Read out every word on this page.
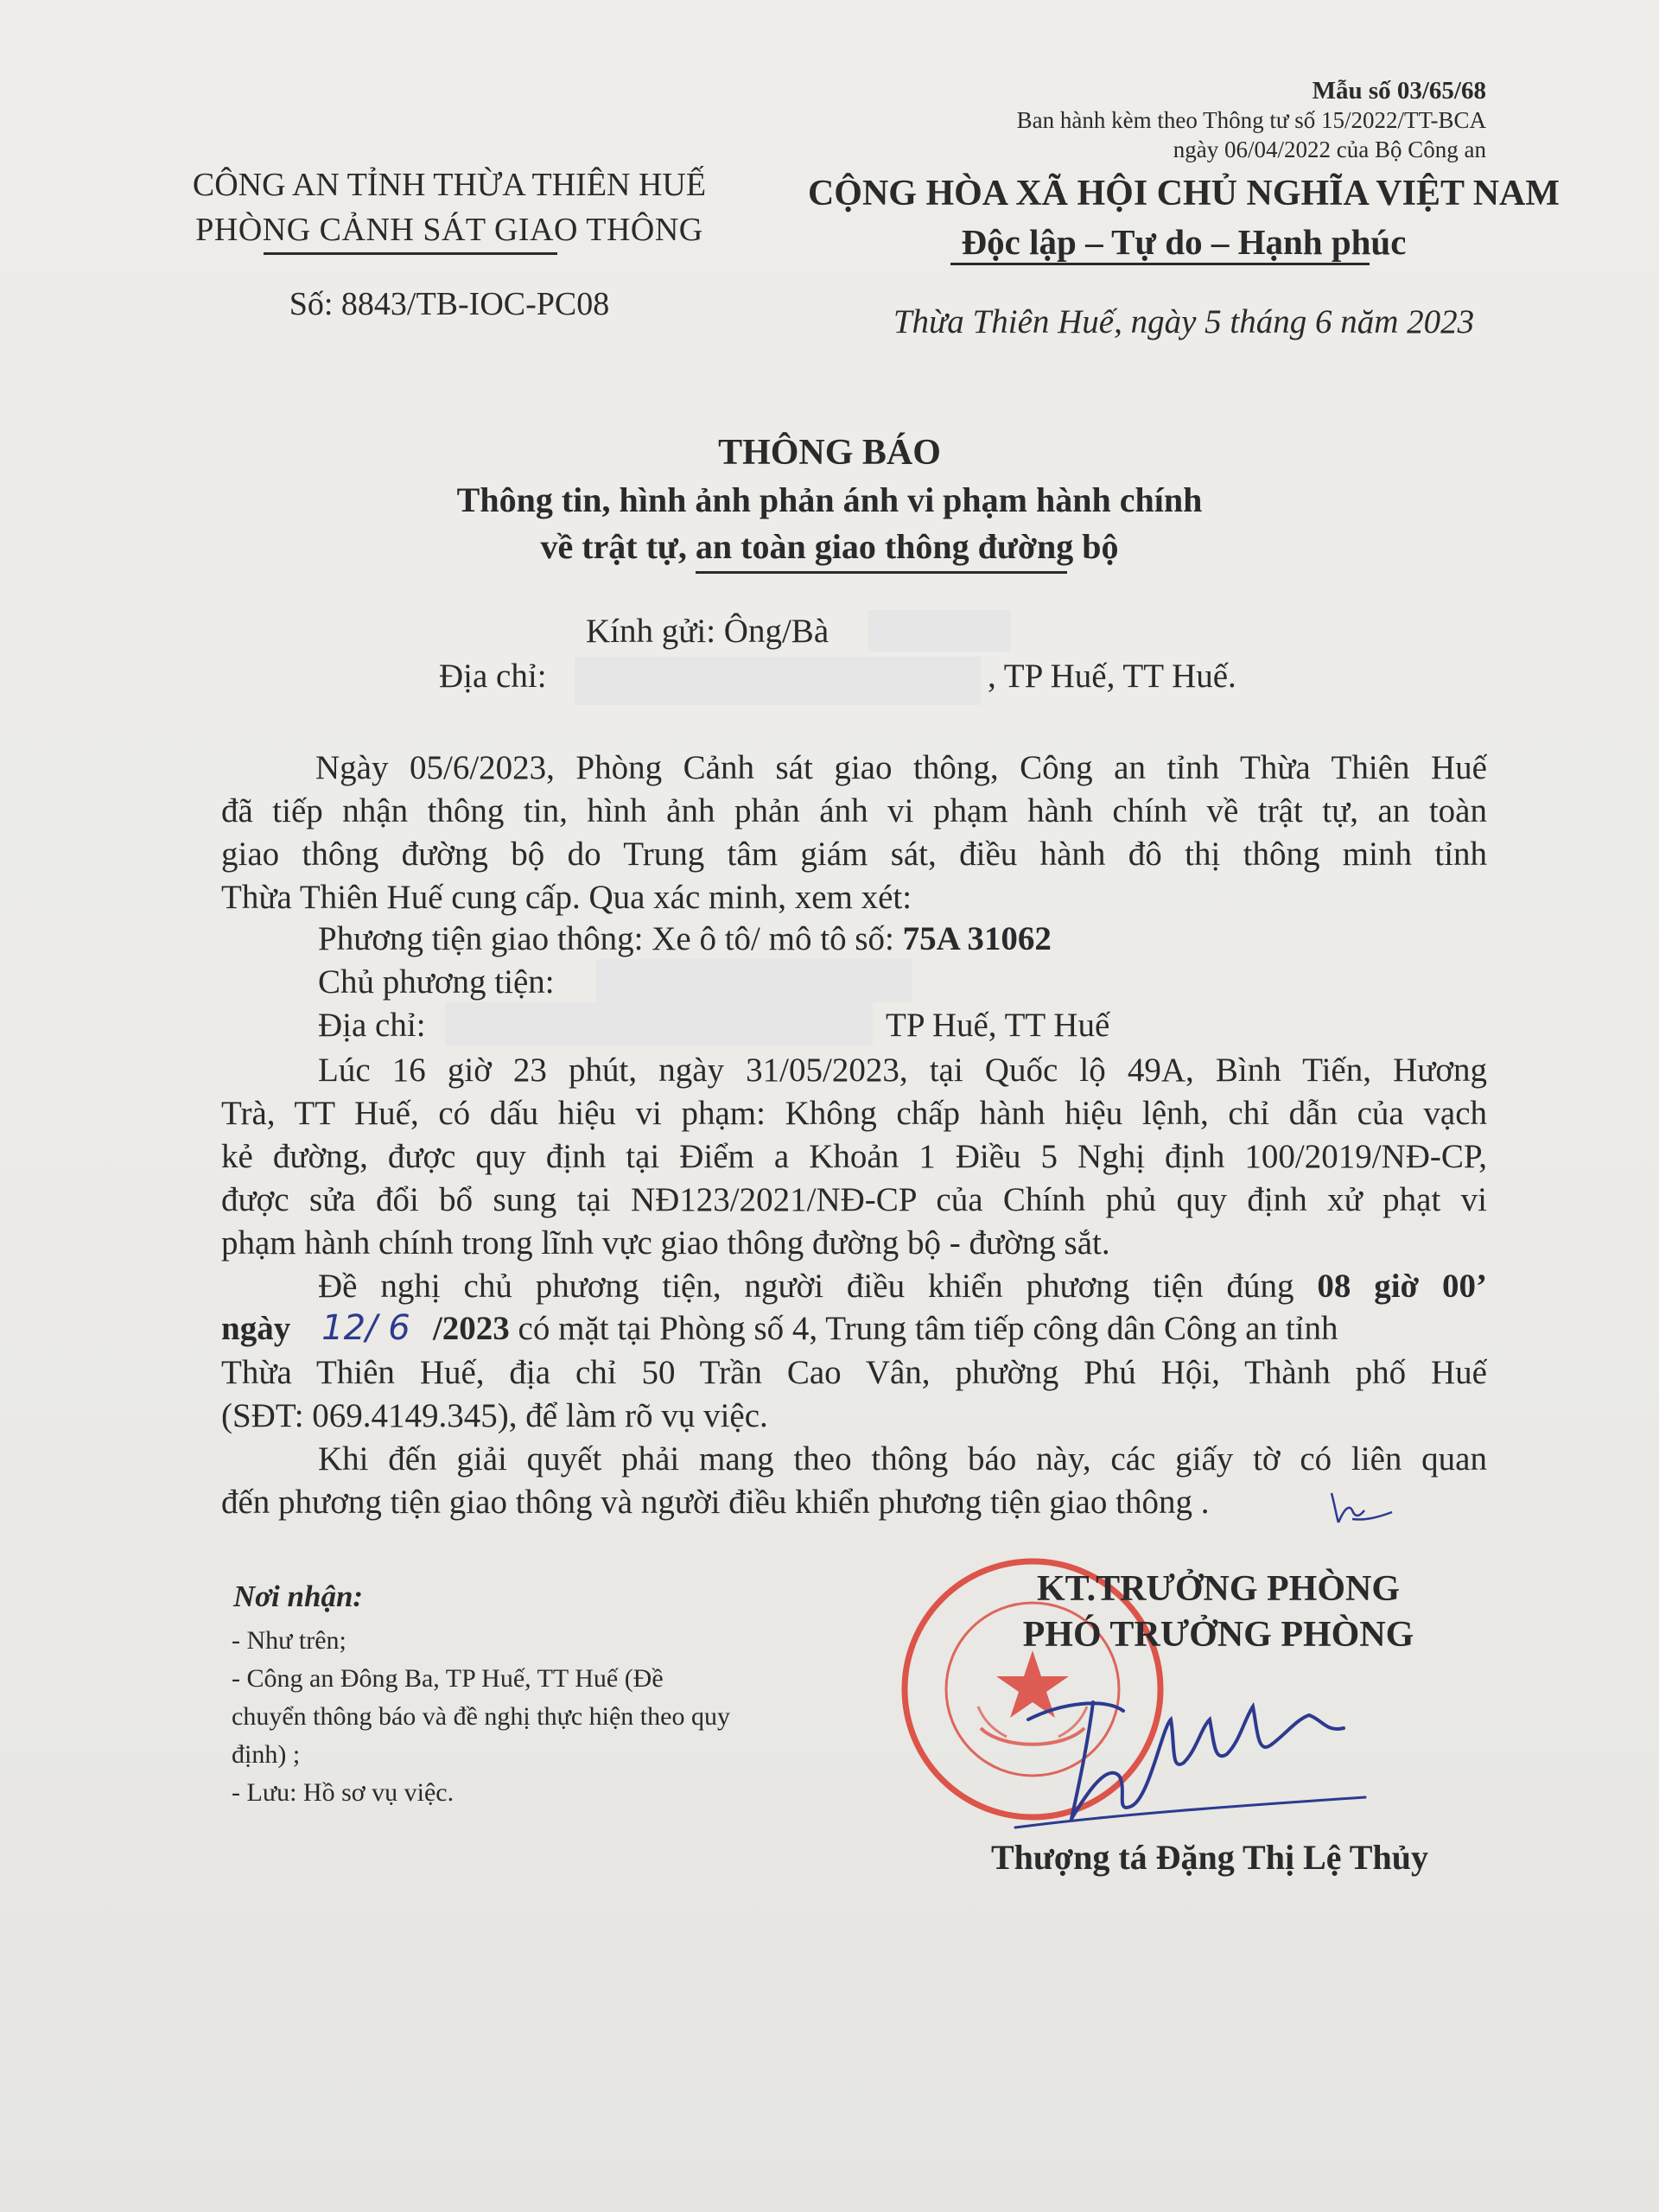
Mẫu số 03/65/68
Ban hành kèm theo Thông tư số 15/2022/TT-BCA
ngày 06/04/2022 của Bộ Công an
CÔNG AN TỈNH THỪA THIÊN HUẾ
PHÒNG CẢNH SÁT GIAO THÔNG
Số: 8843/TB-IOC-PC08
CỘNG HÒA XÃ HỘI CHỦ NGHĨA VIỆT NAM
Độc lập – Tự do – Hạnh phúc
Thừa Thiên Huế, ngày 5 tháng 6 năm 2023
THÔNG BÁO
Thông tin, hình ảnh phản ánh vi phạm hành chính
về trật tự, an toàn giao thông đường bộ
Kính gửi: Ông/Bà
Địa chỉ:	, TP Huế, TT Huế.
Ngày 05/6/2023, Phòng Cảnh sát giao thông, Công an tỉnh Thừa Thiên Huế
đã tiếp nhận thông tin, hình ảnh phản ánh vi phạm hành chính về trật tự, an toàn
giao thông đường bộ do Trung tâm giám sát, điều hành đô thị thông minh tỉnh
Thừa Thiên Huế cung cấp. Qua xác minh, xem xét:
Phương tiện giao thông: Xe ô tô/ mô tô số: 75A 31062
Chủ phương tiện:
Địa chỉ:	TP Huế, TT Huế
Lúc 16 giờ 23 phút, ngày 31/05/2023, tại Quốc lộ 49A, Bình Tiến, Hương
Trà, TT Huế, có dấu hiệu vi phạm: Không chấp hành hiệu lệnh, chỉ dẫn của vạch
kẻ đường, được quy định tại Điểm a Khoản 1 Điều 5 Nghị định 100/2019/NĐ-CP,
được sửa đổi bổ sung tại NĐ123/2021/NĐ-CP của Chính phủ quy định xử phạt vi
phạm hành chính trong lĩnh vực giao thông đường bộ - đường sắt.
Đề nghị chủ phương tiện, người điều khiển phương tiện đúng 08 giờ 00’
ngày 12/ 6 /2023 có mặt tại Phòng số 4, Trung tâm tiếp công dân Công an tỉnh
Thừa Thiên Huế, địa chỉ 50 Trần Cao Vân, phường Phú Hội, Thành phố Huế
(SĐT: 069.4149.345), để làm rõ vụ việc.
Khi đến giải quyết phải mang theo thông báo này, các giấy tờ có liên quan
đến phương tiện giao thông và người điều khiển phương tiện giao thông .
Nơi nhận:
- Như trên;
- Công an Đông Ba, TP Huế, TT Huế (Đề
chuyển thông báo và đề nghị thực hiện theo quy
định) ;
- Lưu: Hồ sơ vụ việc.
KT.TRƯỞNG PHÒNG
PHÓ TRƯỞNG PHÒNG
Thượng tá Đặng Thị Lệ Thủy
